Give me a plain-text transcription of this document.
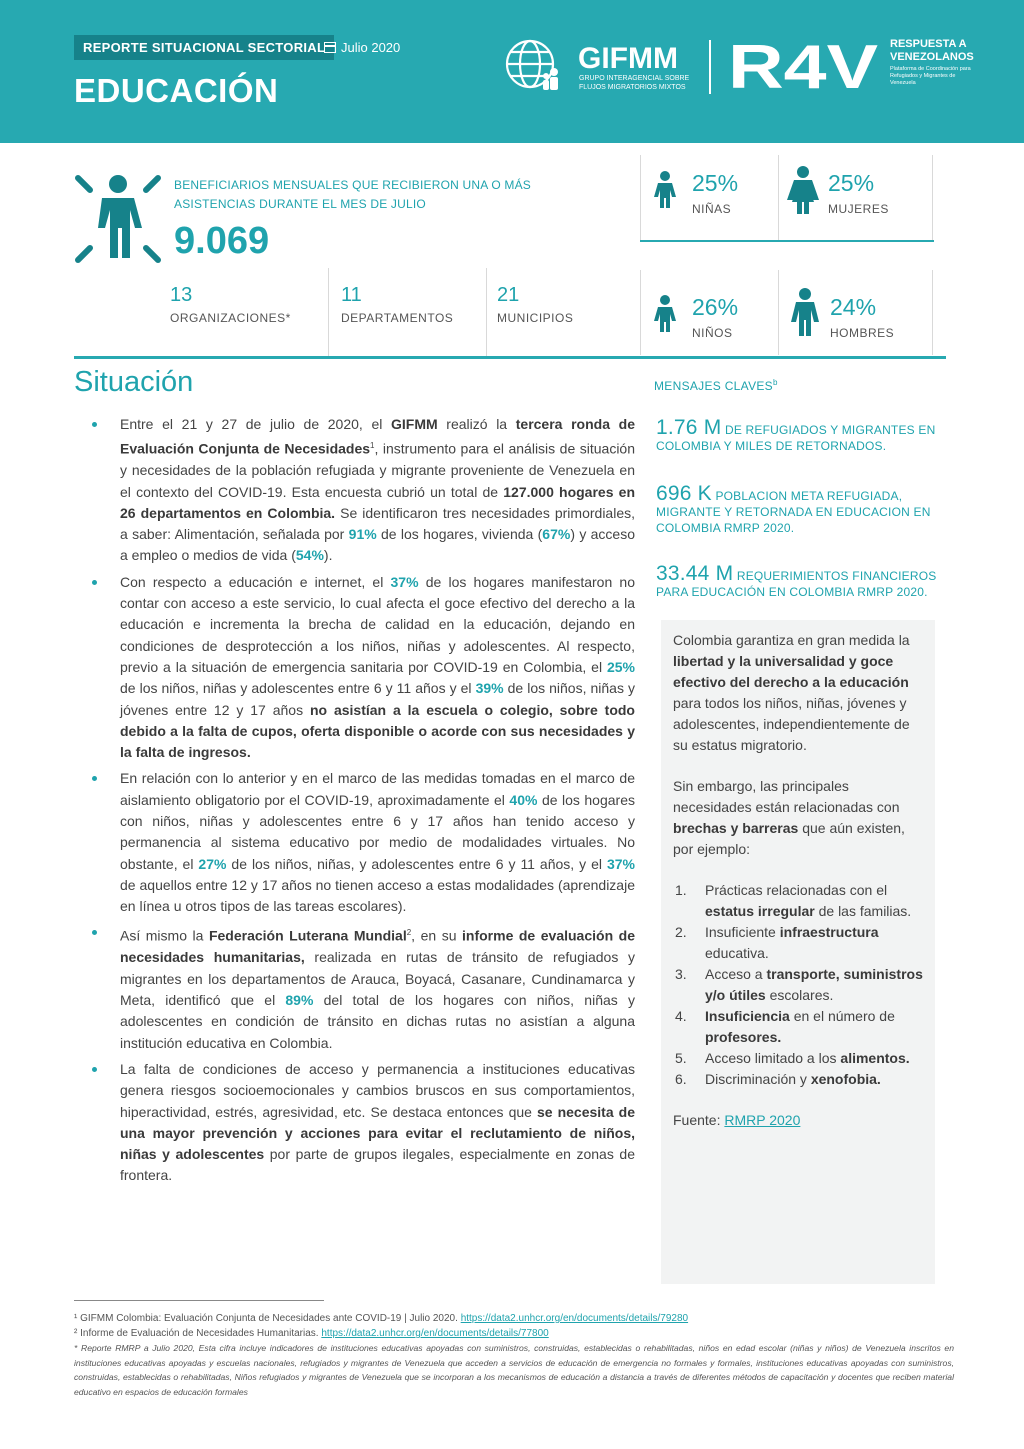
REPORTE SITUACIONAL SECTORIAL	Julio 2020
EDUCACIÓN
GIFMM
GRUPO INTERAGENCIAL SOBRE
FLUJOS MIGRATORIOS MIXTOS R4V RESPUESTA A VENEZOLANOS
Plataforma de Coordinación para Refugiados y Migrantes de Venezuela
BENEFICIARIOS MENSUALES QUE RECIBIERON UNA O MÁS ASISTENCIAS DURANTE EL MES DE JULIO
9.069
25%
NIÑAS
25%
MUJERES
26%
NIÑOS
24%
HOMBRES
13
ORGANIZACIONES*
11
DEPARTAMENTOS
21
MUNICIPIOS
Situación
Entre el 21 y 27 de julio de 2020, el GIFMM realizó la tercera ronda de Evaluación Conjunta de Necesidades$^1$, instrumento para el análisis de situación y necesidades de la población refugiada y migrante proveniente de Venezuela en el contexto del COVID-19. Esta encuesta cubrió un total de 127.000 hogares en 26 departamentos en Colombia. Se identificaron tres necesidades primordiales, a saber: Alimentación, señalada por 91% de los hogares, vivienda (67%) y acceso a empleo o medios de vida (54%).
Con respecto a educación e internet, el 37% de los hogares manifestaron no contar con acceso a este servicio, lo cual afecta el goce efectivo del derecho a la educación e incrementa la brecha de calidad en la educación, dejando en condiciones de desprotección a los niños, niñas y adolescentes. Al respecto, previo a la situación de emergencia sanitaria por COVID-19 en Colombia, el 25% de los niños, niñas y adolescentes entre 6 y 11 años y el 39% de los niños, niñas y jóvenes entre 12 y 17 años no asistían a la escuela o colegio, sobre todo debido a la falta de cupos, oferta disponible o acorde con sus necesidades y la falta de ingresos.
En relación con lo anterior y en el marco de las medidas tomadas en el marco de aislamiento obligatorio por el COVID-19, aproximadamente el 40% de los hogares con niños, niñas y adolescentes entre 6 y 17 años han tenido acceso y permanencia al sistema educativo por medio de modalidades virtuales. No obstante, el 27% de los niños, niñas, y adolescentes entre 6 y 11 años, y el 37% de aquellos entre 12 y 17 años no tienen acceso a estas modalidades (aprendizaje en línea u otros tipos de las tareas escolares).
Así mismo la Federación Luterana Mundial$^2$, en su informe de evaluación de necesidades humanitarias, realizada en rutas de tránsito de refugiados y migrantes en los departamentos de Arauca, Boyacá, Casanare, Cundinamarca y Meta, identificó que el 89% del total de los hogares con niños, niñas y adolescentes en condición de tránsito en dichas rutas no asistían a alguna institución educativa en Colombia.
La falta de condiciones de acceso y permanencia a instituciones educativas genera riesgos socioemocionales y cambios bruscos en sus comportamientos, hiperactividad, estrés, agresividad, etc. Se destaca entonces que se necesita de una mayor prevención y acciones para evitar el reclutamiento de niños, niñas y adolescentes por parte de grupos ilegales, especialmente en zonas de frontera.
MENSAJES CLAVES$^b$
1.76 M DE REFUGIADOS Y MIGRANTES EN COLOMBIA Y MILES DE RETORNADOS.
696 K POBLACION META REFUGIADA, MIGRANTE Y RETORNADA EN EDUCACION EN COLOMBIA RMRP 2020.
33.44 M REQUERIMIENTOS FINANCIEROS PARA EDUCACIÓN EN COLOMBIA RMRP 2020.

Colombia garantiza en gran medida la libertad y la universalidad y goce efectivo del derecho a la educación para todos los niños, niñas, jóvenes y adolescentes, independientemente de su estatus migratorio.

Sin embargo, las principales necesidades están relacionadas con brechas y barreras que aún existen, por ejemplo:

1. Prácticas relacionadas con el estatus irregular de las familias.
2. Insuficiente infraestructura educativa.
3. Acceso a transporte, suministros y/o útiles escolares.
4. Insuficiencia en el número de profesores.
5. Acceso limitado a los alimentos.
6. Discriminación y xenofobia.
Fuente: RMRP 2020
¹ GIFMM Colombia: Evaluación Conjunta de Necesidades ante COVID-19 | Julio 2020. https://data2.unhcr.org/en/documents/details/79280
² Informe de Evaluación de Necesidades Humanitarias. https://data2.unhcr.org/en/documents/details/77800
* Reporte RMRP a Julio 2020, Esta cifra incluye indicadores de instituciones educativas apoyadas con suministros, construidas, establecidas o rehabilitadas, niños en edad escolar (niñas y niños) de Venezuela inscritos en instituciones educativas apoyadas y escuelas nacionales, refugiados y migrantes de Venezuela que acceden a servicios de educación de emergencia no formales y formales, instituciones educativas apoyadas con suministros, construidas, establecidas o rehabilitadas, Niños refugiados y migrantes de Venezuela que se incorporan a los mecanismos de educación a distancia a través de diferentes métodos de capacitación y docentes que reciben material educativo en espacios de educación formales
